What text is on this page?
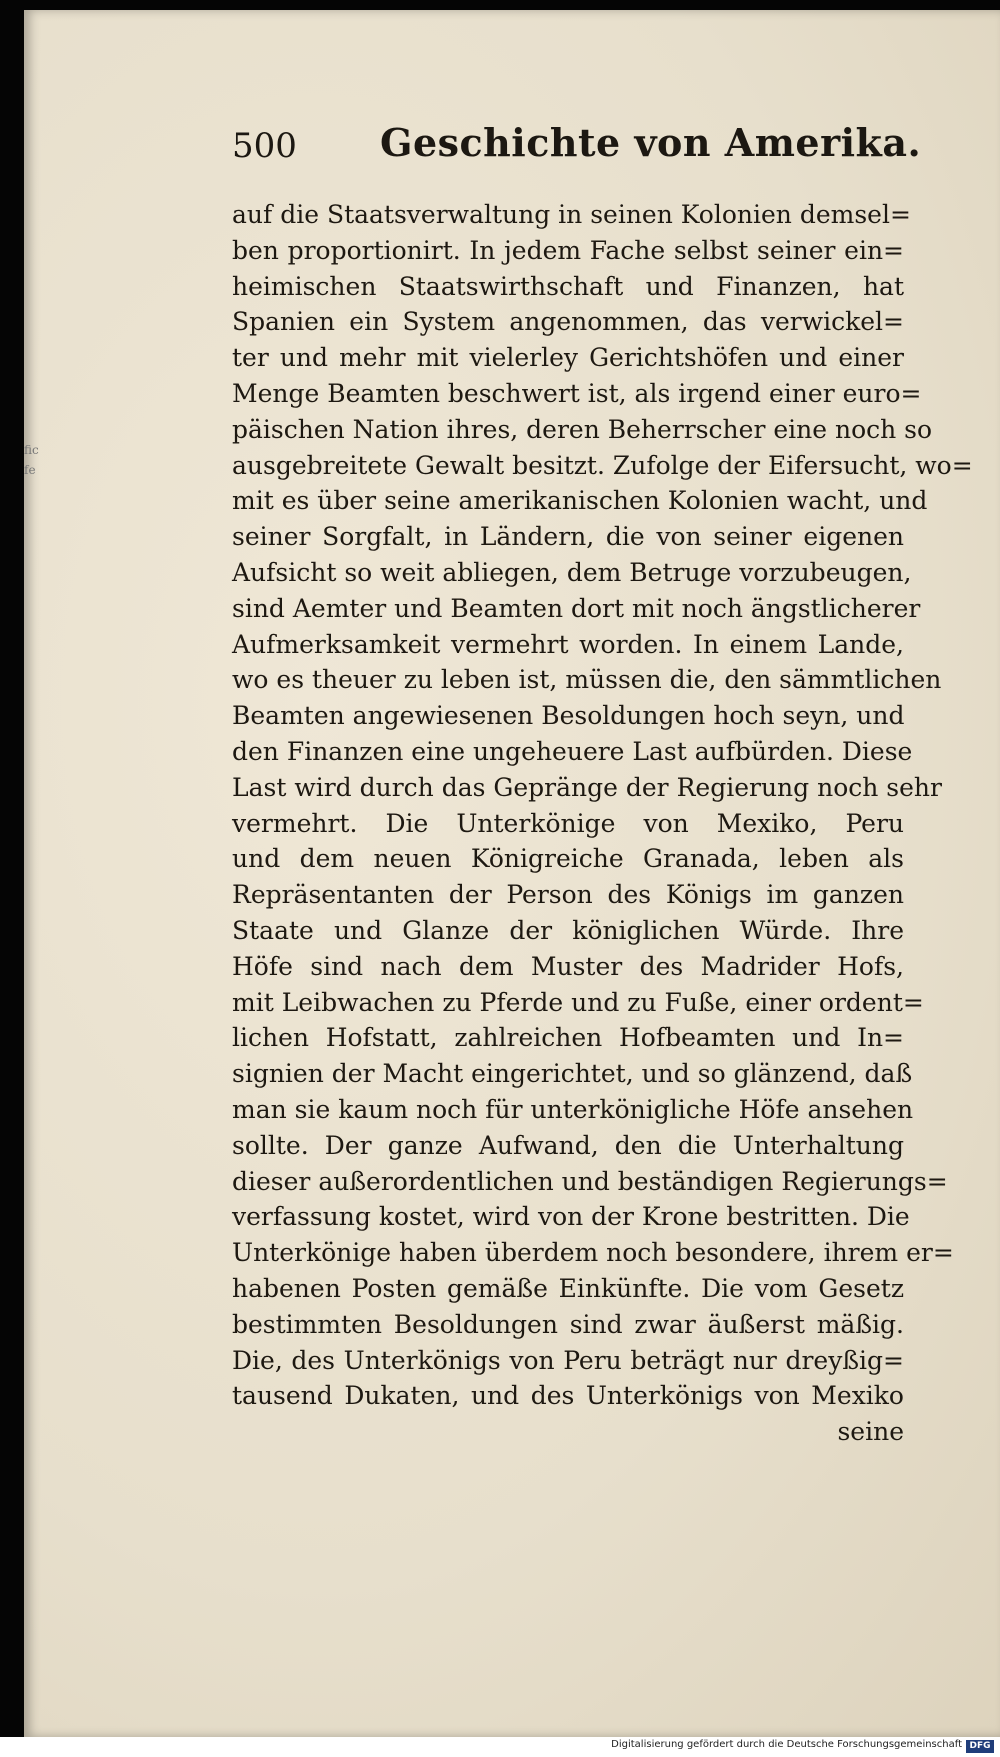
fic
fe
500 Geschichte von Amerika.
auf die Staatsverwaltung in seinen Kolonien demsel=
ben proportionirt. In jedem Fache selbst seiner ein=
heimischen Staatswirthschaft und Finanzen, hat
Spanien ein System angenommen, das verwickel=
ter und mehr mit vielerley Gerichtshöfen und einer
Menge Beamten beschwert ist, als irgend einer euro=
päischen Nation ihres, deren Beherrscher eine noch so
ausgebreitete Gewalt besitzt. Zufolge der Eifersucht, wo=
mit es über seine amerikanischen Kolonien wacht, und
seiner Sorgfalt, in Ländern, die von seiner eigenen
Aufsicht so weit abliegen, dem Betruge vorzubeugen,
sind Aemter und Beamten dort mit noch ängstlicherer
Aufmerksamkeit vermehrt worden. In einem Lande,
wo es theuer zu leben ist, müssen die, den sämmtlichen
Beamten angewiesenen Besoldungen hoch seyn, und
den Finanzen eine ungeheuere Last aufbürden. Diese
Last wird durch das Gepränge der Regierung noch sehr
vermehrt. Die Unterkönige von Mexiko, Peru
und dem neuen Königreiche Granada, leben als
Repräsentanten der Person des Königs im ganzen
Staate und Glanze der königlichen Würde. Ihre
Höfe sind nach dem Muster des Madrider Hofs,
mit Leibwachen zu Pferde und zu Fuße, einer ordent=
lichen Hofstatt, zahlreichen Hofbeamten und In=
signien der Macht eingerichtet, und so glänzend, daß
man sie kaum noch für unterkönigliche Höfe ansehen
sollte. Der ganze Aufwand, den die Unterhaltung
dieser außerordentlichen und beständigen Regierungs=
verfassung kostet, wird von der Krone bestritten. Die
Unterkönige haben überdem noch besondere, ihrem er=
habenen Posten gemäße Einkünfte. Die vom Gesetz
bestimmten Besoldungen sind zwar äußerst mäßig.
Die, des Unterkönigs von Peru beträgt nur dreyßig=
tausend Dukaten, und des Unterkönigs von Mexiko
seine
Digitalisierung gefördert durch die Deutsche Forschungsgemeinschaft DFG
